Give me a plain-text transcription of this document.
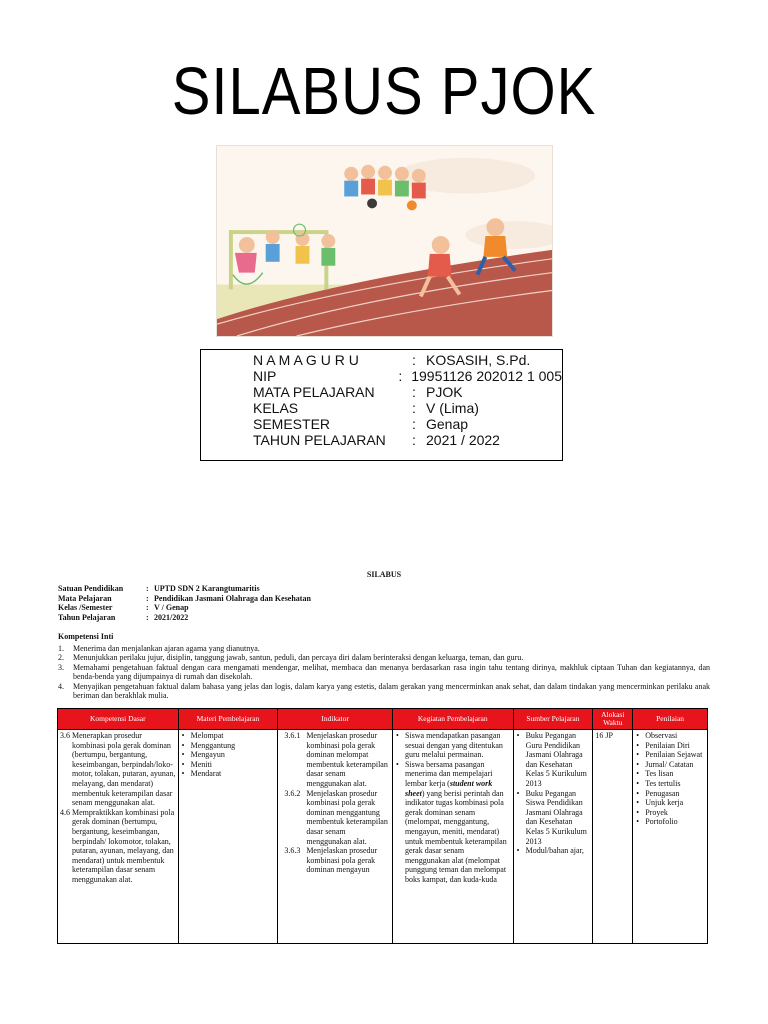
SILABUS PJOK
N A M A G U R U	: KOSASIH, S.Pd.
NIP	: 19951126 202012 1 005
MATA PELAJARAN	: PJOK
KELAS	: V (Lima)
SEMESTER	: Genap
TAHUN PELAJARAN	: 2021 / 2022
SILABUS
Satuan Pendidikan	: UPTD SDN 2 Karangtumaritis
Mata Pelajaran	: Pendidikan Jasmani Olahraga dan Kesehatan
Kelas /Semester	: V / Genap
Tahun Pelajaran	: 2021/2022
Kompetensi Inti
1.	Menerima dan menjalankan ajaran agama yang dianutnya.
2.	Menunjukkan perilaku jujur, disiplin, tanggung jawab, santun, peduli, dan percaya diri dalam berinteraksi dengan keluarga, teman, dan guru.
3.	Memahami pengetahuan faktual dengan cara mengamati mendengar, melihat, membaca dan menanya berdasarkan rasa ingin tahu tentang dirinya, makhluk ciptaan Tuhan dan kegiatannya, dan benda-benda yang dijumpainya di rumah dan disekolah.
4.	Menyajikan pengetahuan faktual dalam bahasa yang jelas dan logis, dalam karya yang estetis, dalam gerakan yang mencerminkan anak sehat, dan dalam tindakan yang mencerminkan perilaku anak beriman dan berakhlak mulia.
Kompetensi Dasar	Materi Pembelajaran	Indikator	Kegiatan Pembelajaran	Sumber Pelajaran	Alokasi Waktu	Penilaian
3.6 Menerapkan prosedur kombinasi pola gerak dominan (bertumpu, bergantung, keseimbangan, berpindah/loko-motor, tolakan, putaran, ayunan, melayang, dan mendarat) membentuk keterampilan dasar senam menggunakan alat.
4.6 Mempraktikkan kombinasi pola gerak dominan (bertumpu, bergantung, keseimbangan, berpindah/ lokomotor, tolakan, putaran, ayunan, melayang, dan mendarat) untuk membentuk keterampilan dasar senam menggunakan alat.
• Melompat
• Menggantung
• Mengayun
• Meniti
• Mendarat
3.6.1 Menjelaskan prosedur kombinasi pola gerak dominan melompat membentuk keterampilan dasar senam menggunakan alat.
3.6.2 Menjelaskan prosedur kombinasi pola gerak dominan menggantung membentuk keterampilan dasar senam menggunakan alat.
3.6.3 Menjelaskan prosedur kombinasi pola gerak dominan mengayun
• Siswa mendapatkan pasangan sesuai dengan yang ditentukan guru melalui permainan.
• Siswa bersama pasangan menerima dan mempelajari lembar kerja (student work sheet) yang berisi perintah dan indikator tugas kombinasi pola gerak dominan senam (melompat, menggantung, mengayun, meniti, mendarat) untuk membentuk keterampilan gerak dasar senam menggunakan alat (melompat punggung teman dan melompat boks kampat, dan kuda-kuda
• Buku Pegangan Guru Pendidikan Jasmani Olahraga dan Kesehatan Kelas 5 Kurikulum 2013
• Buku Pegangan Siswa Pendidikan Jasmani Olahraga dan Kesehatan Kelas 5 Kurikulum 2013
• Modul/bahan ajar,
16 JP
•	Observasi
• Penilaian Diri
• Penilaian Sejawat
• Jurnal/ Catatan
• Tes lisan
• Tes tertulis
• Penugasan
• Unjuk kerja
• Proyek
• Portofolio
